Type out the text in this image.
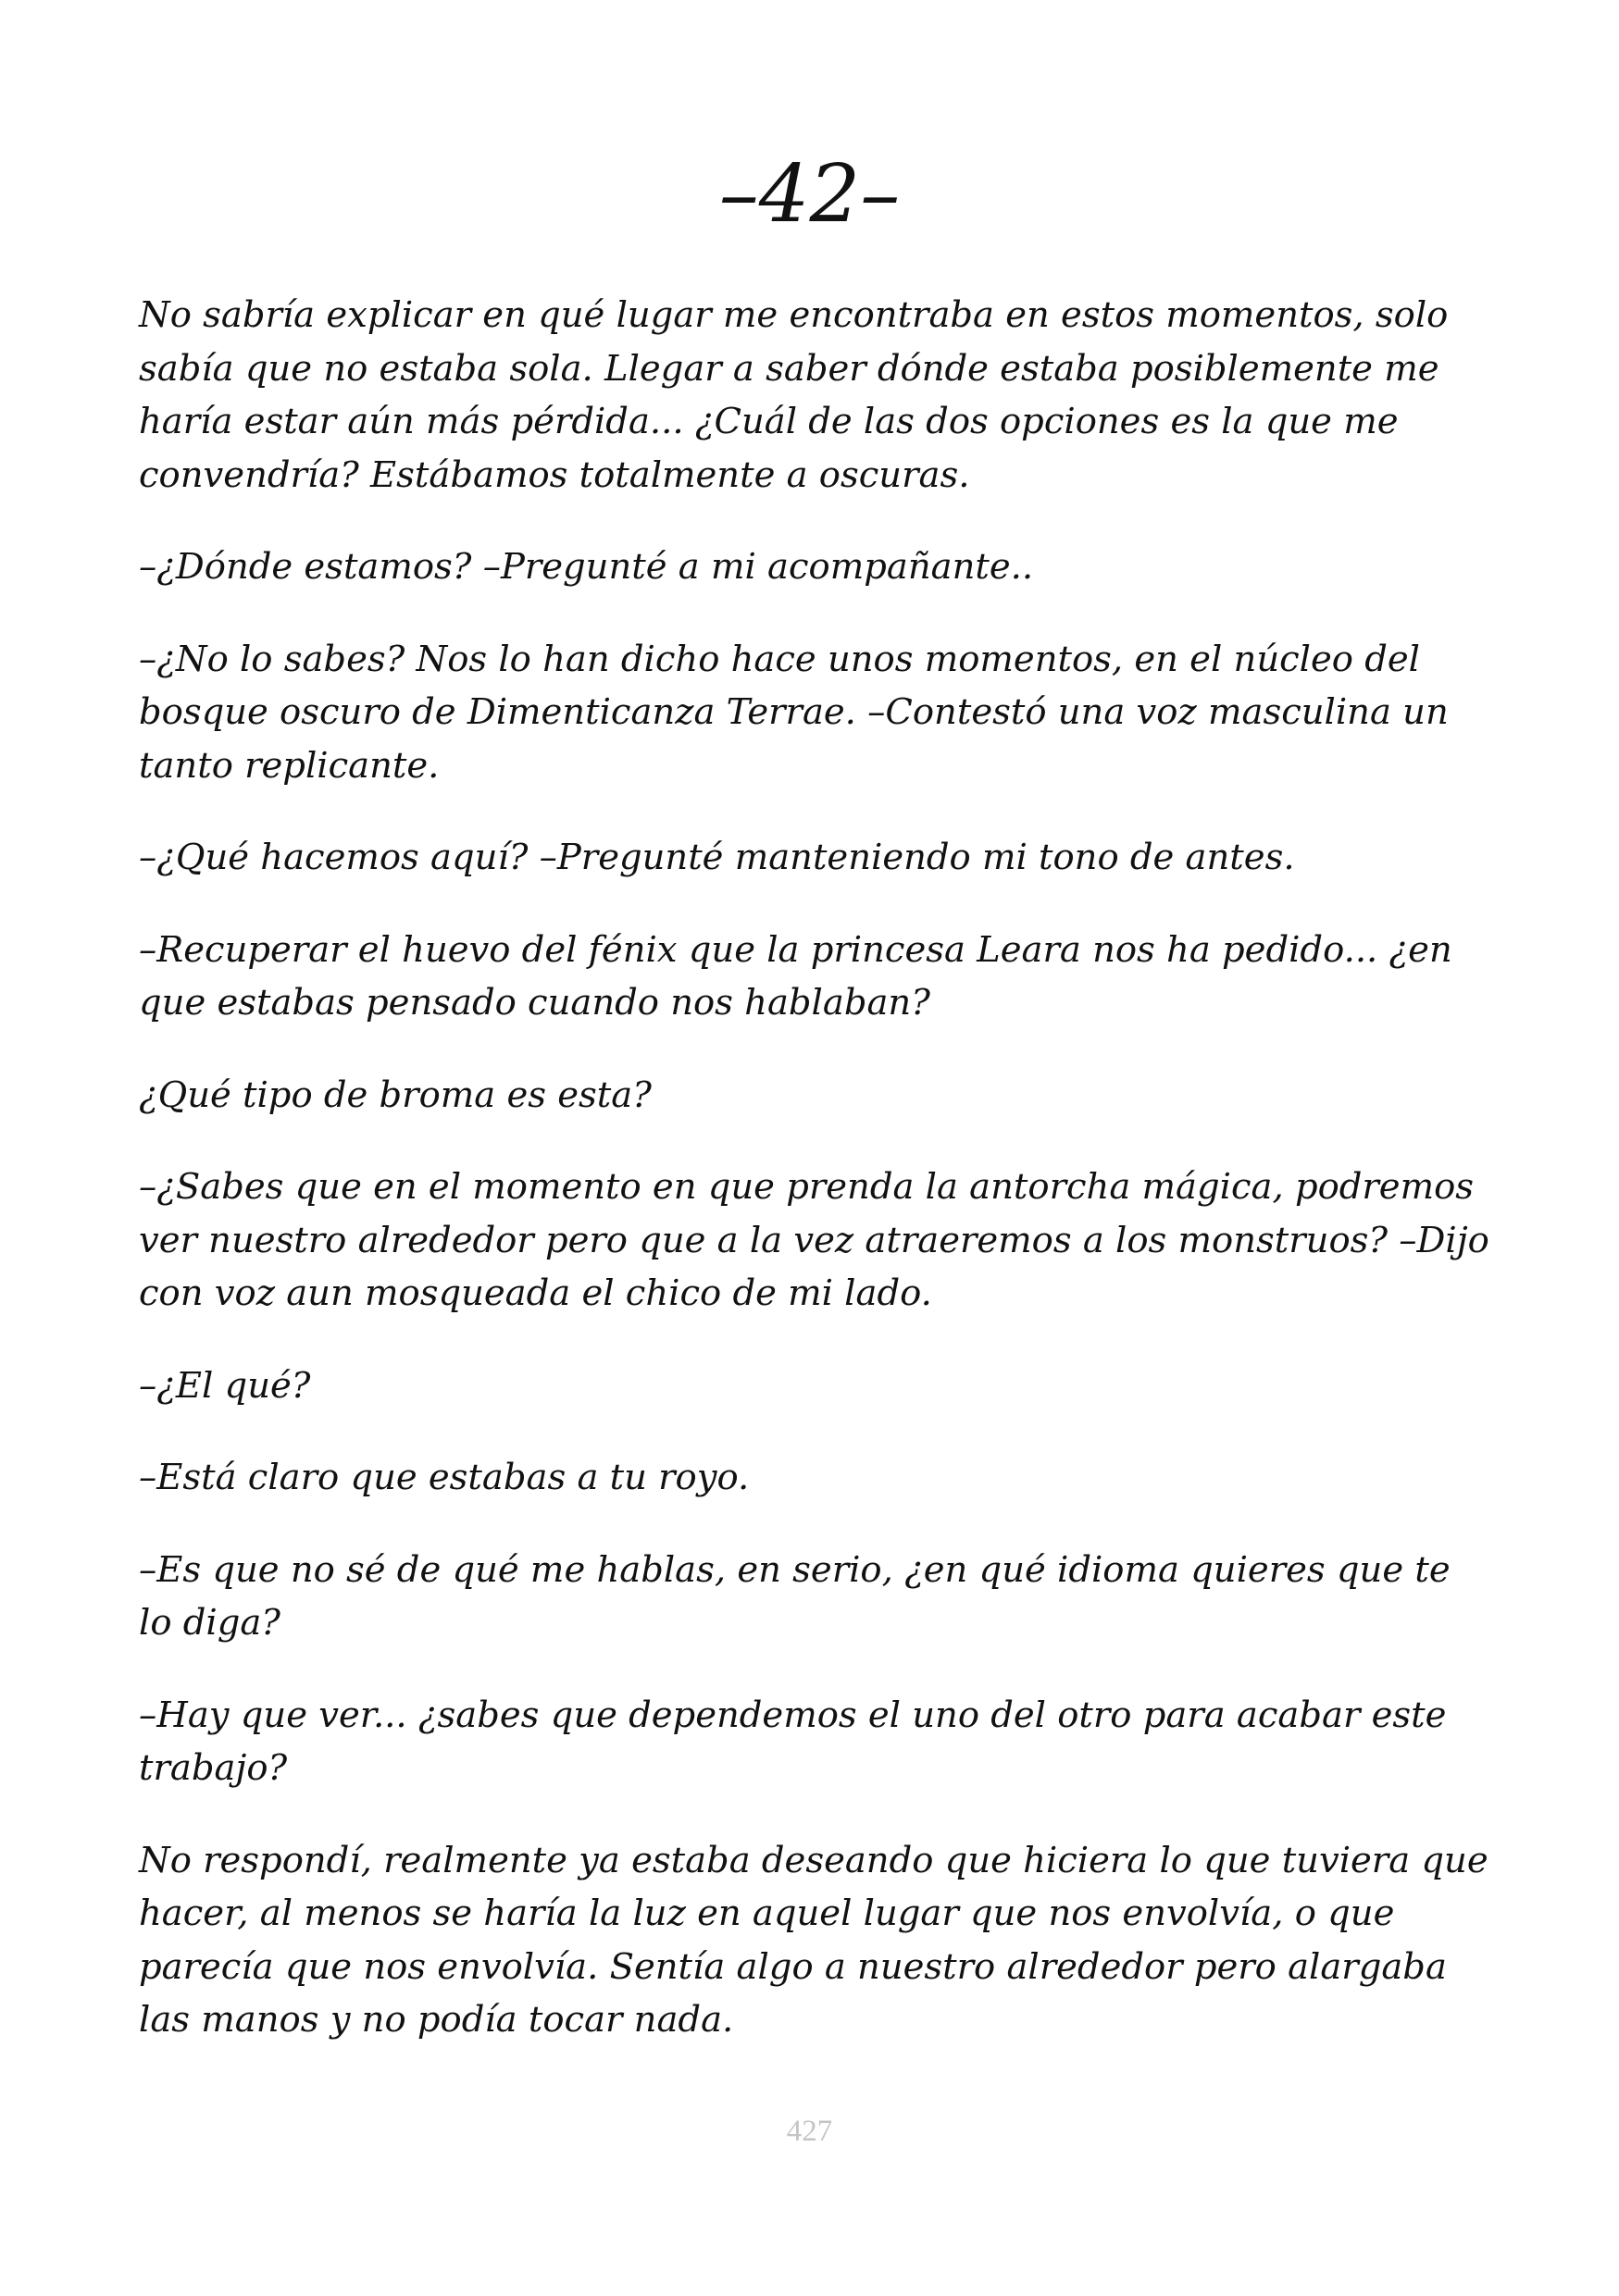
–42–

No sabría explicar en qué lugar me encontraba en estos momentos, solo sabía que no estaba sola. Llegar a saber dónde estaba posiblemente me haría estar aún más pérdida... ¿Cuál de las dos opciones es la que me convendría? Estábamos totalmente a oscuras.

–¿Dónde estamos? –Pregunté a mi acompañante..

–¿No lo sabes? Nos lo han dicho hace unos momentos, en el núcleo del bosque oscuro de Dimenticanza Terrae. –Contestó una voz masculina un tanto replicante.

–¿Qué hacemos aquí? –Pregunté manteniendo mi tono de antes.

–Recuperar el huevo del fénix que la princesa Leara nos ha pedido... ¿en que estabas pensado cuando nos hablaban?

¿Qué tipo de broma es esta?

–¿Sabes que en el momento en que prenda la antorcha mágica, podremos ver nuestro alrededor pero que a la vez atraeremos a los monstruos? –Dijo con voz aun mosqueada el chico de mi lado.

–¿El qué?

–Está claro que estabas a tu royo.

–Es que no sé de qué me hablas, en serio, ¿en qué idioma quieres que te lo diga?

–Hay que ver... ¿sabes que dependemos el uno del otro para acabar este trabajo?

No respondí, realmente ya estaba deseando que hiciera lo que tuviera que hacer, al menos se haría la luz en aquel lugar que nos envolvía, o que parecía que nos envolvía. Sentía algo a nuestro alrededor pero alargaba las manos y no podía tocar nada.

427
